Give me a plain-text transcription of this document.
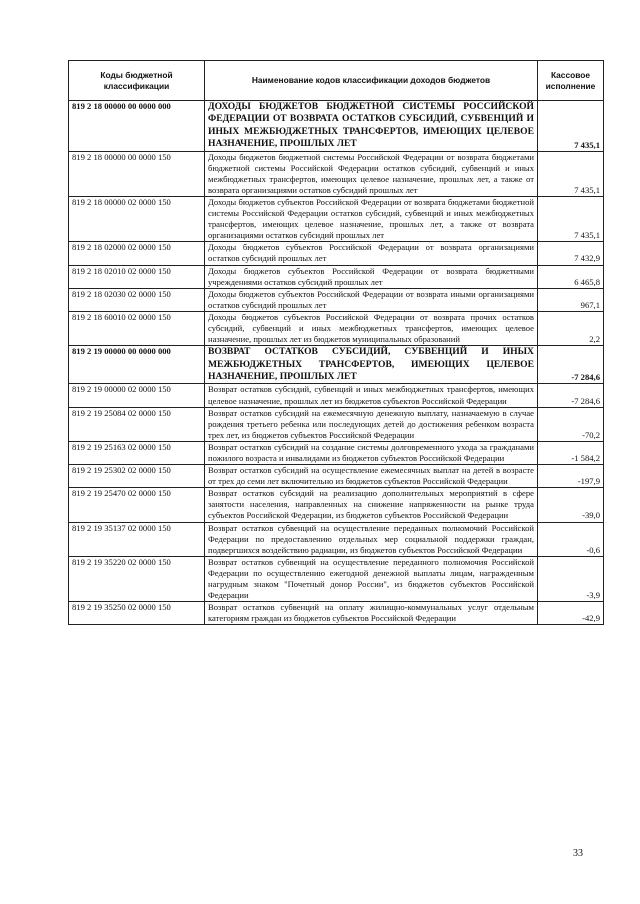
Коды бюджетной классификации	Наименование кодов классификации доходов бюджетов	Кассовое исполнение
819 2 18 00000 00 0000 000	ДОХОДЫ БЮДЖЕТОВ БЮДЖЕТНОЙ СИСТЕМЫ РОССИЙСКОЙ ФЕДЕРАЦИИ ОТ ВОЗВРАТА ОСТАТКОВ СУБСИДИЙ, СУБВЕНЦИЙ И ИНЫХ МЕЖБЮДЖЕТНЫХ ТРАНСФЕРТОВ, ИМЕЮЩИХ ЦЕЛЕВОЕ НАЗНАЧЕНИЕ, ПРОШЛЫХ ЛЕТ	7 435,1
819 2 18 00000 00 0000 150	Доходы бюджетов бюджетной системы Российской Федерации от возврата бюджетами бюджетной системы Российской Федерации остатков субсидий, субвенций и иных межбюджетных трансфертов, имеющих целевое назначение, прошлых лет, а также от возврата организациями остатков субсидий прошлых лет	7 435,1
819 2 18 00000 02 0000 150	Доходы бюджетов субъектов Российской Федерации от возврата бюджетами бюджетной системы Российской Федерации остатков субсидий, субвенций и иных межбюджетных трансфертов, имеющих целевое назначение, прошлых лет, а также от возврата организациями остатков субсидий прошлых лет	7 435,1
819 2 18 02000 02 0000 150	Доходы бюджетов субъектов Российской Федерации от возврата организациями остатков субсидий прошлых лет	7 432,9
819 2 18 02010 02 0000 150	Доходы бюджетов субъектов Российской Федерации от возврата бюджетными учреждениями остатков субсидий прошлых лет	6 465,8
819 2 18 02030 02 0000 150	Доходы бюджетов субъектов Российской Федерации от возврата иными организациями остатков субсидий прошлых лет	967,1
819 2 18 60010 02 0000 150	Доходы бюджетов субъектов Российской Федерации от возврата прочих остатков субсидий, субвенций и иных межбюджетных трансфертов, имеющих целевое назначение, прошлых лет из бюджетов муниципальных образований	2,2
819 2 19 00000 00 0000 000	ВОЗВРАТ ОСТАТКОВ СУБСИДИЙ, СУБВЕНЦИЙ И ИНЫХ МЕЖБЮДЖЕТНЫХ ТРАНСФЕРТОВ, ИМЕЮЩИХ ЦЕЛЕВОЕ НАЗНАЧЕНИЕ, ПРОШЛЫХ ЛЕТ	-7 284,6
819 2 19 00000 02 0000 150	Возврат остатков субсидий, субвенций и иных межбюджетных трансфертов, имеющих целевое назначение, прошлых лет из бюджетов субъектов Российской Федерации	-7 284,6
819 2 19 25084 02 0000 150	Возврат остатков субсидий на ежемесячную денежную выплату, назначаемую в случае рождения третьего ребенка или последующих детей до достижения ребенком возраста трех лет, из бюджетов субъектов Российской Федерации	-70,2
819 2 19 25163 02 0000 150	Возврат остатков субсидий на создание системы долговременного ухода за гражданами пожилого возраста и инвалидами из бюджетов субъектов Российской Федерации	-1 584,2
819 2 19 25302 02 0000 150	Возврат остатков субсидий на осуществление ежемесячных выплат на детей в возрасте от трех до семи лет включительно из бюджетов субъектов Российской Федерации	-197,9
819 2 19 25470 02 0000 150	Возврат остатков субсидий на реализацию дополнительных мероприятий в сфере занятости населения, направленных на снижение напряженности на рынке труда субъектов Российской Федерации, из бюджетов субъектов Российской Федерации	-39,0
819 2 19 35137 02 0000 150	Возврат остатков субвенций на осуществление переданных полномочий Российской Федерации по предоставлению отдельных мер социальной поддержки граждан, подвергшихся воздействию радиации, из бюджетов субъектов Российской Федерации	-0,6
819 2 19 35220 02 0000 150	Возврат остатков субвенций на осуществление переданного полномочия Российской Федерации по осуществлению ежегодной денежной выплаты лицам, награжденным нагрудным знаком "Почетный донор России", из бюджетов субъектов Российской Федерации	-3,9
819 2 19 35250 02 0000 150	Возврат остатков субвенций на оплату жилищно-коммунальных услуг отдельным категориям граждан из бюджетов субъектов Российской Федерации	-42,9
33
